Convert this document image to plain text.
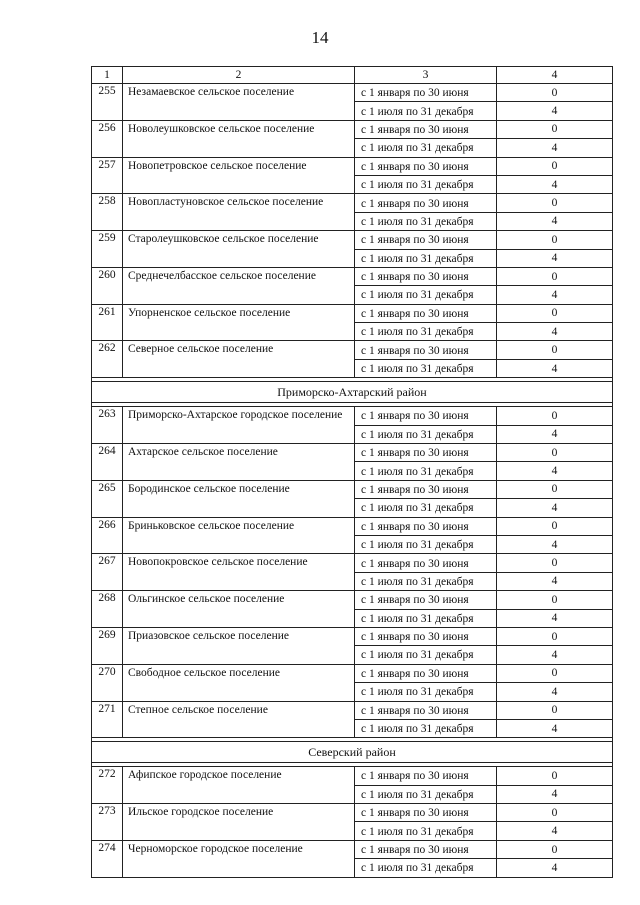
14
1	2	3	4
255	Незамаевское сельское поселение	с 1 января по 30 июня	0
		с 1 июля по 31 декабря	4
256	Новолеушковское сельское поселение	с 1 января по 30 июня	0
		с 1 июля по 31 декабря	4
257	Новопетровское сельское поселение	с 1 января по 30 июня	0
		с 1 июля по 31 декабря	4
258	Новопластуновское сельское поселение	с 1 января по 30 июня	0
		с 1 июля по 31 декабря	4
259	Старолеушковское сельское поселение	с 1 января по 30 июня	0
		с 1 июля по 31 декабря	4
260	Среднечелбасское сельское поселение	с 1 января по 30 июня	0
		с 1 июля по 31 декабря	4
261	Упорненское сельское поселение	с 1 января по 30 июня	0
		с 1 июля по 31 декабря	4
262	Северное сельское поселение	с 1 января по 30 июня	0
		с 1 июля по 31 декабря	4

Приморско-Ахтарский район			

263	Приморско-Ахтарское городское поселение	с 1 января по 30 июня	0
		с 1 июля по 31 декабря	4
264	Ахтарское сельское поселение	с 1 января по 30 июня	0
		с 1 июля по 31 декабря	4
265	Бородинское сельское поселение	с 1 января по 30 июня	0
		с 1 июля по 31 декабря	4
266	Бриньковское сельское поселение	с 1 января по 30 июня	0
		с 1 июля по 31 декабря	4
267	Новопокровское сельское поселение	с 1 января по 30 июня	0
		с 1 июля по 31 декабря	4
268	Ольгинское сельское поселение	с 1 января по 30 июня	0
		с 1 июля по 31 декабря	4
269	Приазовское сельское поселение	с 1 января по 30 июня	0
		с 1 июля по 31 декабря	4
270	Свободное сельское поселение	с 1 января по 30 июня	0
		с 1 июля по 31 декабря	4
271	Степное сельское поселение	с 1 января по 30 июня	0
		с 1 июля по 31 декабря	4

Северский район			

272	Афипское городское поселение	с 1 января по 30 июня	0
		с 1 июля по 31 декабря	4
273	Ильское городское поселение	с 1 января по 30 июня	0
		с 1 июля по 31 декабря	4
274	Черноморское городское поселение	с 1 января по 30 июня	0
		с 1 июля по 31 декабря	4
